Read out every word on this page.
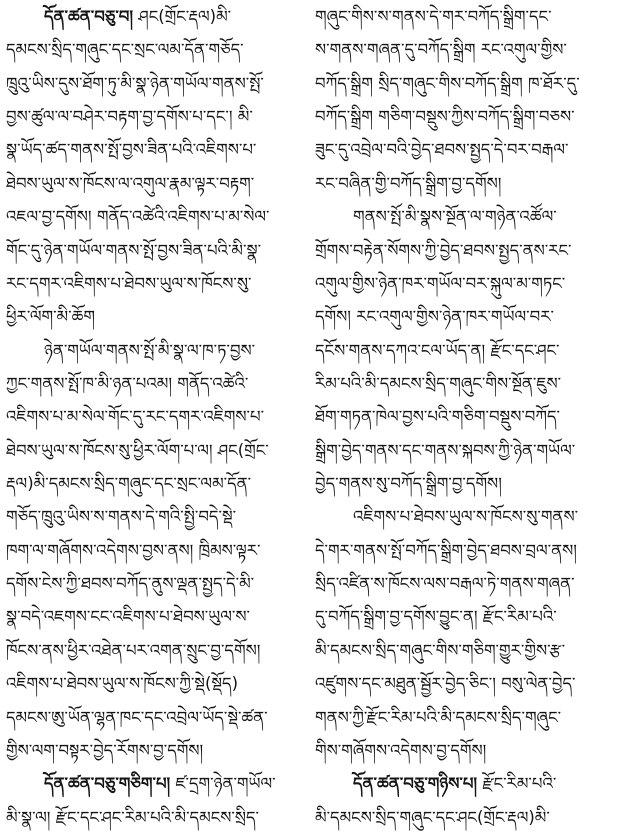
དོན་ཚན་བཅུ་བ། ཤང(གྲོང་རྡལ)མི་
དམངས་སྲིད་གཞུང་དང་སྲང་ལམ་དོན་གཅོད་
ཁྲུའུ་ཡིས་དུས་ཐོག་ཏུ་མི་སྣ་ཉེན་གཡོལ་གནས་སྤོ་
བྱས་ཚུལ་ལ་བཤེར་བརྟག་བྱ་དགོས་པ་དང་། མི་
སྣ་ཡོད་ཚད་གནས་སྤོ་བྱས་ཟིན་པའི་འཇིགས་པ་
ཐེབས་ཡུལ་ས་ཁོངས་ལ་འགུལ་རྣམ་ལྟར་བརྟག་
འཇལ་བྱ་དགོས། གནོད་འཚེའི་འཇིགས་པ་མ་སེལ་
གོང་དུ་ཉེན་གཡོལ་གནས་སྤོ་བྱས་ཟིན་པའི་མི་སྣ་
རང་དགར་འཇིགས་པ་ཐེབས་ཡུལ་ས་ཁོངས་སུ་
ཕྱིར་ལོག་མི་ཆོག
ཉེན་གཡོལ་གནས་སྤོ་མི་སྣ་ལ་ཁ་ཏ་བྱས་
ཀྱང་གནས་སྤོ་ཁ་མི་ཉན་པའམ། གནོད་འཚེའི་
འཇིགས་པ་མ་སེལ་གོང་དུ་རང་དགར་འཇིགས་པ་
ཐེབས་ཡུལ་ས་ཁོངས་སུ་ཕྱིར་ལོག་པ་ལ། ཤང(གྲོང་
རྡལ)མི་དམངས་སྲིད་གཞུང་དང་སྲང་ལམ་དོན་
གཅོད་ཁྲུའུ་ཡིས་ས་གནས་དེ་གའི་སྤྱི་བདེ་སྡེ་
ཁག་ལ་གཞོགས་འདེགས་བྱས་ནས། ཁྲིམས་ལྟར་
དགོས་ངེས་ཀྱི་ཐབས་བཀོད་ནུས་ལྡན་སྤྱད་དེ་མི་
སྣ་བདེ་འཇགས་ངང་འཇིགས་པ་ཐེབས་ཡུལ་ས་
ཁོངས་ནས་ཕྱིར་འཐེན་པར་འགན་སྲུང་བྱ་དགོས།
འཇིགས་པ་ཐེབས་ཡུལ་ས་ཁོངས་ཀྱི་སྡེ(སྡོད)
དམངས་ཨུ་ཡོན་ལྷན་ཁང་དང་འབྲེལ་ཡོད་སྡེ་ཚན་
གྱིས་ལག་བསྟར་བྱེད་རོགས་བྱ་དགོས།
དོན་ཚན་བཅུ་གཅིག་པ། ཛ་དྲག་ཉེན་གཡོལ་
མི་སྣ་ལ། རྫོང་དང་ཤང་རིམ་པའི་མི་དམངས་སྲིད་
གཞུང་གིས་ས་གནས་དེ་གར་བཀོད་སྒྲིག་དང་
ས་གནས་གཞན་དུ་བཀོད་སྒྲིག རང་འགུལ་གྱིས་
བཀོད་སྒྲིག སྲིད་གཞུང་གིས་བཀོད་སྒྲིག ཁ་ཐོར་དུ་
བཀོད་སྒྲིག གཅིག་བསྡུས་ཀྱིས་བཀོད་སྒྲིག་བཅས་
ཟུང་དུ་འབྲེལ་བའི་བྱེད་ཐབས་སྤྱད་དེ་བར་བརྒལ་
རང་བཞིན་གྱི་བཀོད་སྒྲིག་བྱ་དགོས།
གནས་སྤོ་མི་སྣས་སྔོན་ལ་གཉེན་འཚོལ་
གྲོགས་བརྟེན་སོགས་ཀྱི་བྱེད་ཐབས་སྤྱད་ནས་རང་
འགུལ་གྱིས་ཉེན་ཁར་གཡོལ་བར་སྐུལ་མ་གཏང་
དགོས། རང་འགུལ་གྱིས་ཉེན་ཁར་གཡོལ་བར་
དངོས་གནས་དཀའ་ངལ་ཡོད་ན། རྫོང་དང་ཤང་
རིམ་པའི་མི་དམངས་སྲིད་གཞུང་གིས་སྔོན་ཇུས་
ཐོག་གཏན་ཁེལ་བྱས་པའི་གཅིག་བསྡུས་བཀོད་
སྒྲིག་བྱེད་གནས་དང་གནས་སྐབས་ཀྱི་ཉེན་གཡོལ་
བྱེད་གནས་སུ་བཀོད་སྒྲིག་བྱ་དགོས།
འཇིགས་པ་ཐེབས་ཡུལ་ས་ཁོངས་སུ་གནས་
དེ་གར་གནས་སྤོ་བཀོད་སྒྲིག་བྱེད་ཐབས་བྲལ་ནས།
སྲིད་འཛིན་ས་ཁོངས་ལས་བརྒལ་ཏེ་གནས་གཞན་
དུ་བཀོད་སྒྲིག་བྱ་དགོས་བྱུང་ན། རྫོང་རིམ་པའི་
མི་དམངས་སྲིད་གཞུང་གིས་གཅིག་གྱུར་གྱིས་རྩ་
འཛུགས་དང་མཐུན་སྦྱོར་བྱེད་ཅིང་། བསུ་ལེན་བྱེད་
གནས་ཀྱི་རྫོང་རིམ་པའི་མི་དམངས་སྲིད་གཞུང་
གིས་གཞོགས་འདེགས་བྱ་དགོས།
དོན་ཚན་བཅུ་གཉིས་པ། རྫོང་རིམ་པའི་
མི་དམངས་སྲིད་གཞུང་དང་ཤང(གྲོང་རྡལ)མི་
